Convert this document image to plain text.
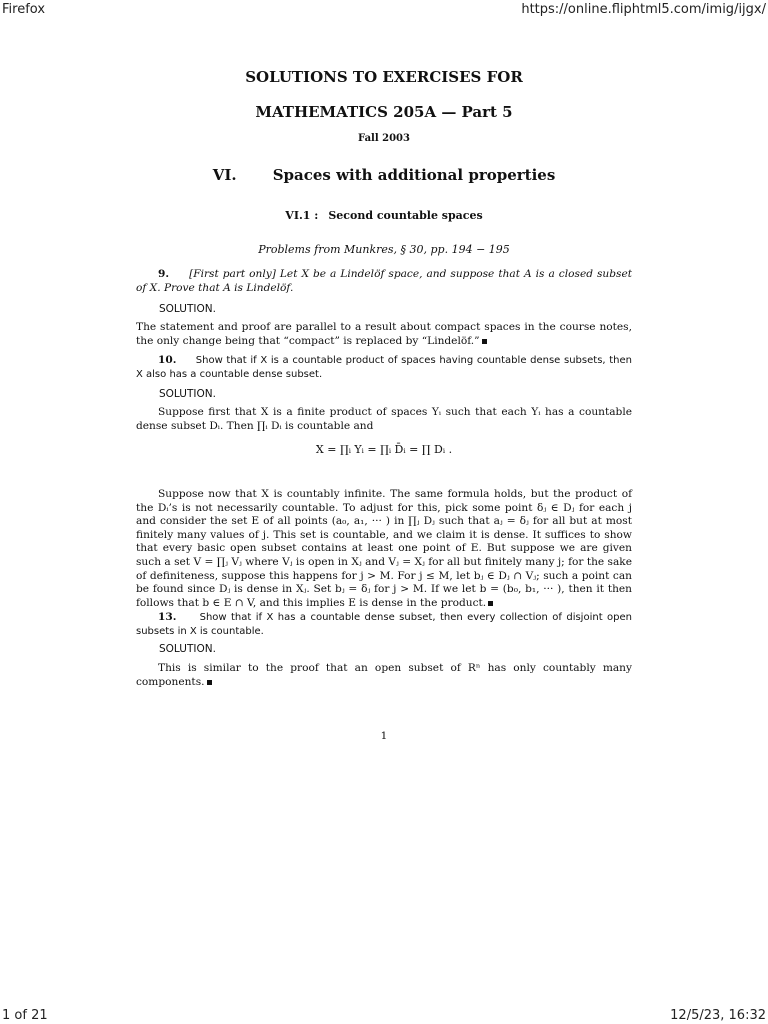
Firefox	https://online.fliphtml5.com/imig/ijgx/
1 of 21	12/5/23, 16:32
SOLUTIONS TO EXERCISES FOR
MATHEMATICS 205A — Part 5
Fall 2003
VI. Spaces with additional properties
VI.1 : Second countable spaces
Problems from Munkres, § 30, pp. 194 − 195
9. [First part only] Let X be a Lindelöf space, and suppose that A is a closed subset of X. Prove that A is Lindelöf.
SOLUTION.
The statement and proof are parallel to a result about compact spaces in the course notes, the only change being that “compact” is replaced by “Lindelöf.”
10. Show that if X is a countable product of spaces having countable dense subsets, then X also has a countable dense subset.
SOLUTION.
Suppose first that X is a finite product of spaces Yᵢ such that each Yᵢ has a countable dense subset Dᵢ. Then ∏ᵢ Dᵢ is countable and
X = ∏ᵢ Yᵢ = ∏ᵢ D̄ᵢ = ∏ Dᵢ .
Suppose now that X is countably infinite. The same formula holds, but the product of the Dᵢ’s is not necessarily countable. To adjust for this, pick some point δⱼ ∈ Dⱼ for each j and consider the set E of all points (a₀, a₁, ··· ) in ∏ⱼ Dⱼ such that aⱼ = δⱼ for all but at most finitely many values of j. This set is countable, and we claim it is dense. It suffices to show that every basic open subset contains at least one point of E. But suppose we are given such a set V = ∏ⱼ Vⱼ where Vⱼ is open in Xⱼ and Vⱼ = Xⱼ for all but finitely many j; for the sake of definiteness, suppose this happens for j > M. For j ≤ M, let bⱼ ∈ Dⱼ ∩ Vⱼ; such a point can be found since Dⱼ is dense in Xⱼ. Set bⱼ = δⱼ for j > M. If we let b = (b₀, b₁, ··· ), then it then follows that b ∈ E ∩ V, and this implies E is dense in the product.
13. Show that if X has a countable dense subset, then every collection of disjoint open subsets in X is countable.
SOLUTION.
This is similar to the proof that an open subset of Rⁿ has only countably many components.
1
